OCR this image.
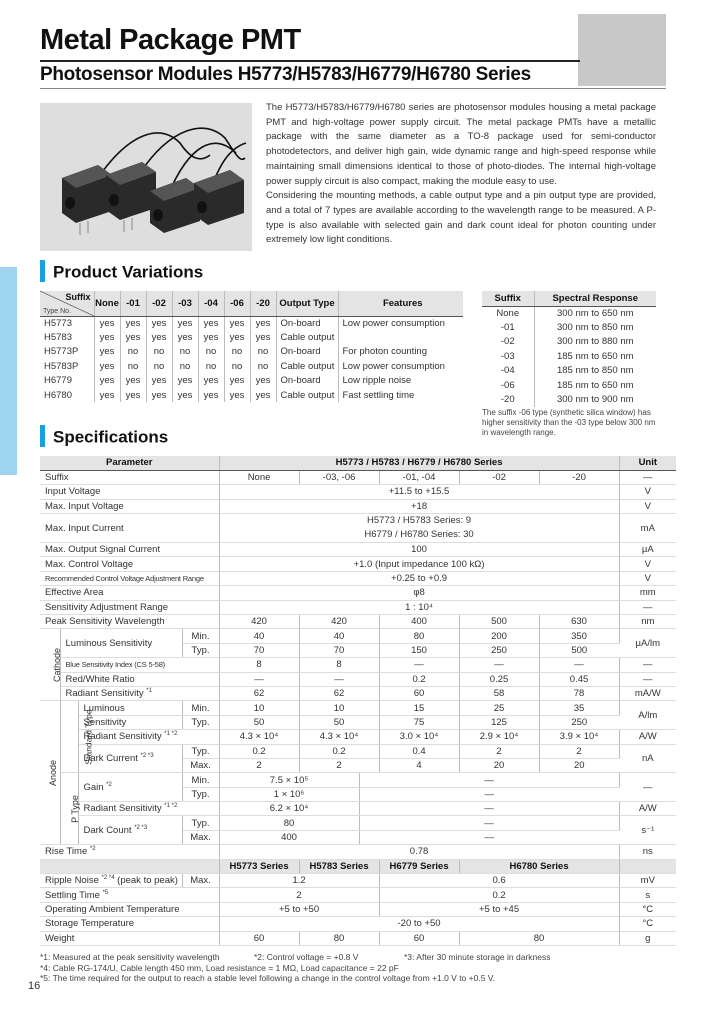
Metal Package PMT
Photosensor Modules H5773/H5783/H6779/H6780 Series
The H5773/H5783/H6779/H6780 series are photosensor modules housing a metal package PMT and high-voltage power supply circuit. The metal package PMTs have a metallic package with the same diameter as a TO-8 package used for semi-conductor photodetectors, and deliver high gain, wide dynamic range and high-speed response while maintaining small dimensions identical to those of photo-diodes. The internal high-voltage power supply circuit is also compact, making the module easy to use.
Considering the mounting methods, a cable output type and a pin output type are provided, and a total of 7 types are available according to the wavelength range to be measured. A P-type is also available with selected gain and dark count ideal for photon counting under extremely low light conditions.
Product Variations
Suffix
Type No.	None	-01	-02	-03	-04	-06	-20	Output Type	Features
H5773	yes	yes	yes	yes	yes	yes	yes	On-board	Low power consumption
H5783	yes	yes	yes	yes	yes	yes	yes	Cable output	
H5773P	yes	no	no	no	no	no	no	On-board	For photon counting
H5783P	yes	no	no	no	no	no	no	Cable output	Low power consumption
H6779	yes	yes	yes	yes	yes	yes	yes	On-board	Low ripple noise
H6780	yes	yes	yes	yes	yes	yes	yes	Cable output	Fast settling time
Suffix	Spectral Response
None	300 nm to 650 nm
-01	300 nm to 850 nm
-02	300 nm to 880 nm
-03	185 nm to 650 nm
-04	185 nm to 850 nm
-06	185 nm to 650 nm
-20	300 nm to 900 nm
The suffix -06 type (synthetic silica window) has higher sensitivity than the -03 type below 300 nm in wavelength range.
Specifications
Parameter				H5773 / H5783 / H6779 / H6780 Series						Unit
Suffix				None	-03, -06		-01, -04	-02	-20	—
Input Voltage				+11.5 to +15.5						V
Max. Input Voltage				+18						V
Max. Input Current				H5773 / H5783 Series: 9
H6779 / H6780 Series: 30						mA
Max. Output Signal Current				100						μA
Max. Control Voltage				+1.0 (Input impedance 100 kΩ)						V
Recommended Control Voltage Adjustment Range				+0.25 to +0.9						V
Effective Area				φ8						mm
Sensitivity Adjustment Range				1 : 10⁴						—
Peak Sensitivity Wavelength				420	420		400	500	630	nm
Cathode	Luminous Sensitivity		Min.	40	40		80	200	350	μA/lm
			Typ.	70	70		150	250	500	
	Blue Sensitivity Index (CS 5-58)			8	8		—	—	—	—
	Red/White Ratio			—	—		0.2	0.25	0.45	—
	Radiant Sensitivity $^{*1}$			62	62		60	58	78	mA/W
Anode	Standard Type	Luminous	Min.	10	10		15	25	35	A/lm
		Sensitivity	Typ.	50	50		75	125	250	
		Radiant Sensitivity $^{*1 *2}$		4.3 × 10⁴	4.3 × 10⁴		3.0 × 10⁴	2.9 × 10⁴	3.9 × 10⁴	A/W
		Dark Current $^{*2 *3}$	Typ.	0.2	0.2		0.4	2	2	nA
			Max.	2	2		4	20	20	
	P Type	Gain $^{*2}$	Min.	7.5 × 10⁵		—				—
			Typ.	1 × 10⁶		—				
		Radiant Sensitivity $^{*1 *2}$		6.2 × 10⁴		—				A/W
		Dark Count $^{*2 *3}$	Typ.	80		—				s⁻¹
			Max.	400		—				
Rise Time $^{*2}$				0.78						ns
				H5773 Series	H5783 Series		H6779 Series	H6780 Series		
Ripple Noise $^{*2 *4}$ (peak to peak)			Max.	1.2			0.6			mV
Settling Time $^{*5}$				2			0.2			s
Operating Ambient Temperature				+5 to +50			+5 to +45			°C
Storage Temperature				-20 to +50						°C
Weight				60	80		60	80		g
*1: Measured at the peak sensitivity wavelength	*2: Control voltage = +0.8 V	*3: After 30 minute storage in darkness
*4: Cable RG-174/U, Cable length 450 mm, Load resistance = 1 MΩ, Load capacitance = 22 pF
*5: The time required for the output to reach a stable level following a change in the control voltage from +1.0 V to +0.5 V.
16
